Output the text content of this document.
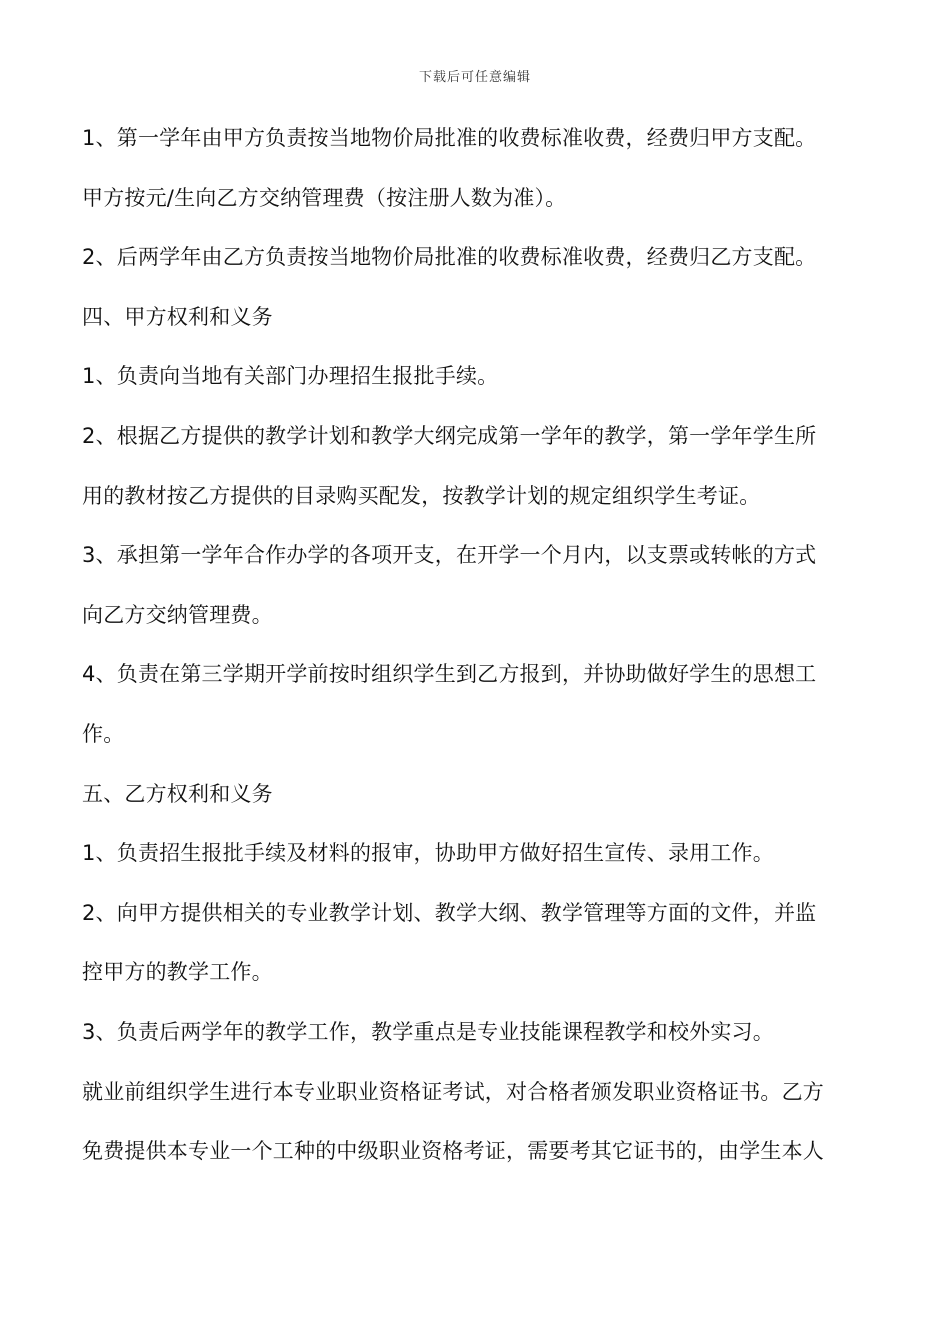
下载后可任意编辑
1、第一学年由甲方负责按当地物价局批准的收费标准收费，经费归甲方支配。
甲方按元/生向乙方交纳管理费（按注册人数为准）。
2、后两学年由乙方负责按当地物价局批准的收费标准收费，经费归乙方支配。
四、甲方权利和义务
1、负责向当地有关部门办理招生报批手续。
2、根据乙方提供的教学计划和教学大纲完成第一学年的教学，第一学年学生所
用的教材按乙方提供的目录购买配发，按教学计划的规定组织学生考证。
3、承担第一学年合作办学的各项开支，在开学一个月内，以支票或转帐的方式
向乙方交纳管理费。
4、负责在第三学期开学前按时组织学生到乙方报到，并协助做好学生的思想工
作。
五、乙方权利和义务
1、负责招生报批手续及材料的报审，协助甲方做好招生宣传、录用工作。
2、向甲方提供相关的专业教学计划、教学大纲、教学管理等方面的文件，并监
控甲方的教学工作。
3、负责后两学年的教学工作，教学重点是专业技能课程教学和校外实习。
就业前组织学生进行本专业职业资格证考试，对合格者颁发职业资格证书。乙方
免费提供本专业一个工种的中级职业资格考证，需要考其它证书的，由学生本人
